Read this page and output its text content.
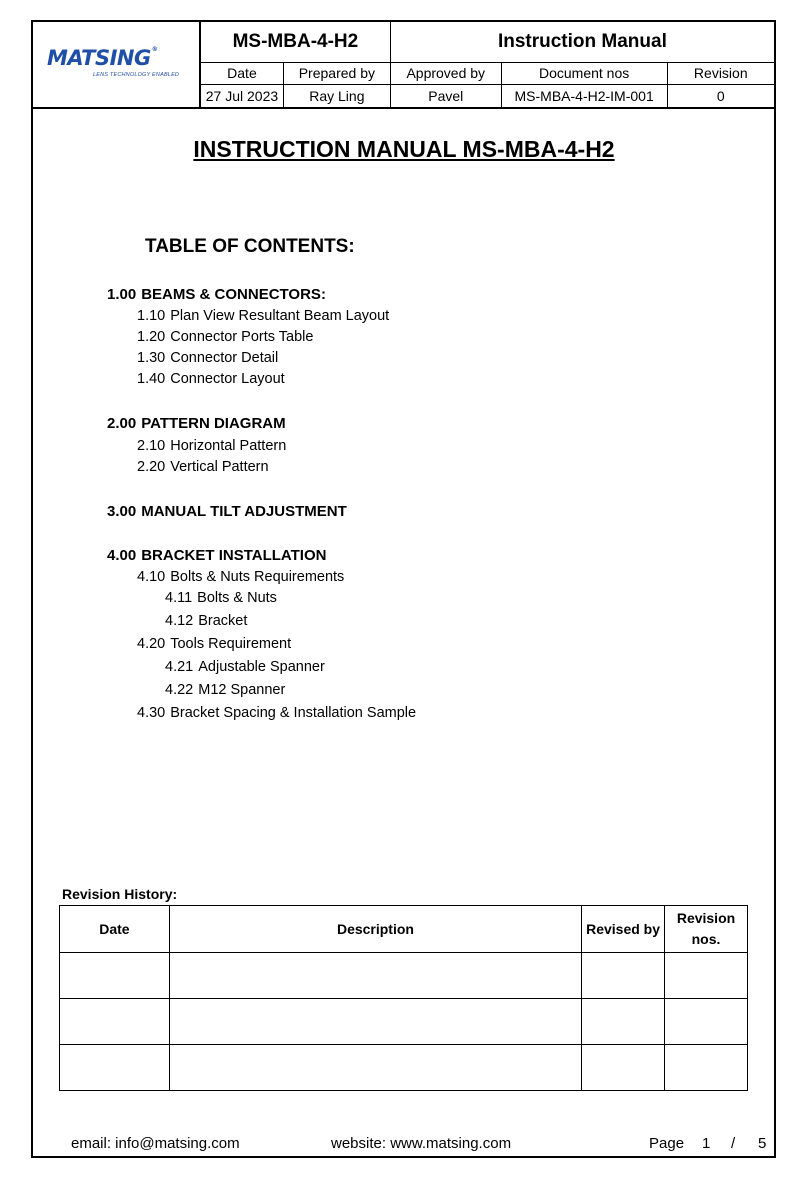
MATSING®
LENS TECHNOLOGY ENABLED
MS-MBA-4-H2		Instruction Manual		
Date	Prepared by	Approved by	Document nos	Revision
27 Jul 2023	Ray Ling	Pavel	MS-MBA-4-H2-IM-001	0
INSTRUCTION MANUAL MS-MBA-4-H2
TABLE OF CONTENTS:
1.00 BEAMS & CONNECTORS:
1.10 Plan View Resultant Beam Layout
1.20 Connector Ports Table
1.30 Connector Detail
1.40 Connector Layout
2.00 PATTERN DIAGRAM
2.10 Horizontal Pattern
2.20 Vertical Pattern
3.00 MANUAL TILT ADJUSTMENT
4.00 BRACKET INSTALLATION
4.10 Bolts & Nuts Requirements
4.11 Bolts & Nuts
4.12 Bracket
4.20 Tools Requirement
4.21 Adjustable Spanner
4.22 M12 Spanner
4.30 Bracket Spacing & Installation Sample
Revision History:
Date	Description	Revised by	Revision nos.

email: info@matsing.com	website: www.matsing.com	Page 1 / 5
